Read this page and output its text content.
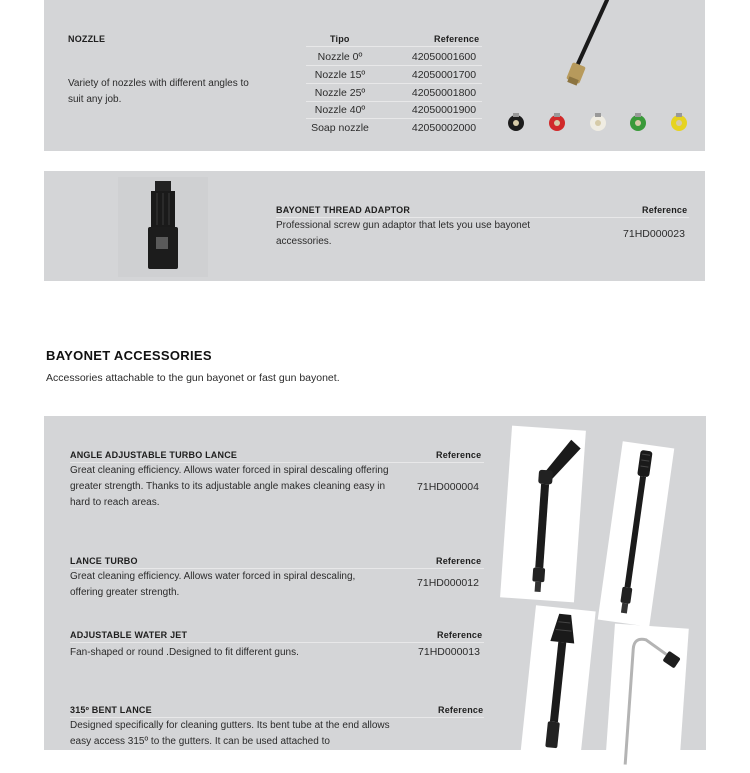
NOZZLE
Variety of nozzles with different angles to suit any job.
Tipo	Reference
Nozzle 0º	42050001600
Nozzle 15º	42050001700
Nozzle 25º	42050001800
Nozzle 40º	42050001900
Soap nozzle	42050002000
BAYONET THREAD ADAPTOR	Reference
Professional screw gun adaptor that lets you use bayonet accessories.
71HD000023
BAYONET ACCESSORIES
Accessories attachable to the gun bayonet or fast gun bayonet.
ANGLE ADJUSTABLE TURBO LANCE	Reference
Great cleaning efficiency. Allows water forced in spiral descaling offering greater strength. Thanks to its adjustable angle makes cleaning easy in hard to reach areas.
71HD000004
LANCE TURBO	Reference
Great cleaning efficiency. Allows water forced in spiral descaling, offering greater strength.
71HD000012
ADJUSTABLE WATER JET	Reference
Fan-shaped or round .Designed to fit different guns.	71HD000013
315º BENT LANCE	Reference
Designed specifically for cleaning gutters. Its bent tube at the end allows easy access 315º to the gutters. It can be used attached to
